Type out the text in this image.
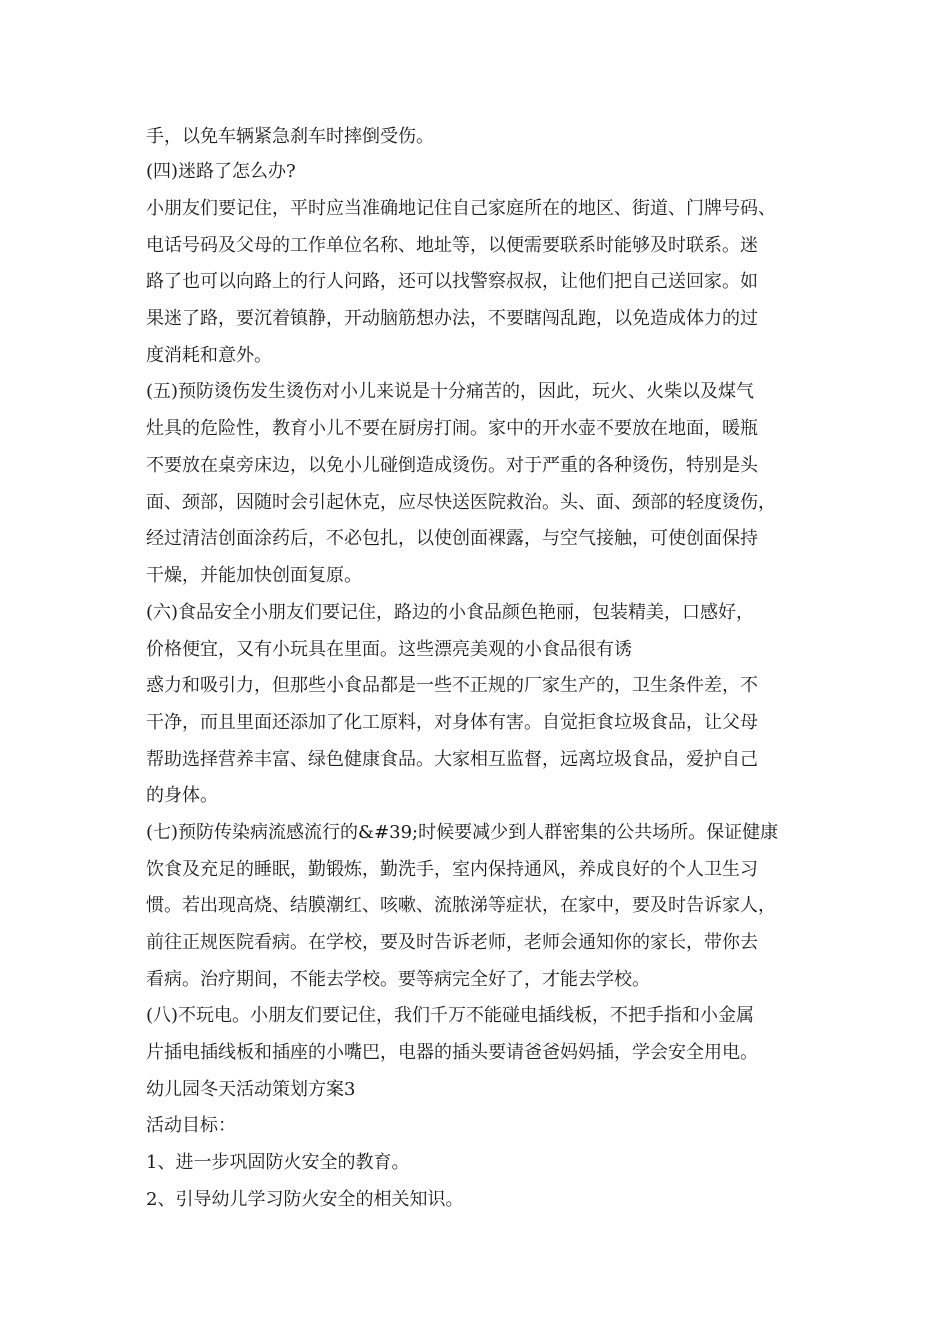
手，以免车辆紧急刹车时摔倒受伤。

(四)迷路了怎么办?

小朋友们要记住，平时应当准确地记住自己家庭所在的地区、街道、门牌号码、

电话号码及父母的工作单位名称、地址等，以便需要联系时能够及时联系。迷

路了也可以向路上的行人问路，还可以找警察叔叔，让他们把自己送回家。如

果迷了路，要沉着镇静，开动脑筋想办法，不要瞎闯乱跑，以免造成体力的过

度消耗和意外。

(五)预防烫伤发生烫伤对小儿来说是十分痛苦的，因此，玩火、火柴以及煤气

灶具的危险性，教育小儿不要在厨房打闹。家中的开水壶不要放在地面，暖瓶

不要放在桌旁床边，以免小儿碰倒造成烫伤。对于严重的各种烫伤，特别是头

面、颈部，因随时会引起休克，应尽快送医院救治。头、面、颈部的轻度烫伤，

经过清洁创面涂药后，不必包扎，以使创面裸露，与空气接触，可使创面保持

干燥，并能加快创面复原。

(六)食品安全小朋友们要记住，路边的小食品颜色艳丽，包装精美，口感好，

价格便宜，又有小玩具在里面。这些漂亮美观的小食品很有诱

惑力和吸引力，但那些小食品都是一些不正规的厂家生产的，卫生条件差，不

干净，而且里面还添加了化工原料，对身体有害。自觉拒食垃圾食品，让父母

帮助选择营养丰富、绿色健康食品。大家相互监督，远离垃圾食品，爱护自己

的身体。

(七)预防传染病流感流行的&#39;时候要减少到人群密集的公共场所。保证健康

饮食及充足的睡眠，勤锻炼，勤洗手，室内保持通风，养成良好的个人卫生习

惯。若出现高烧、结膜潮红、咳嗽、流脓涕等症状，在家中，要及时告诉家人，

前往正规医院看病。在学校，要及时告诉老师，老师会通知你的家长，带你去

看病。治疗期间，不能去学校。要等病完全好了，才能去学校。

(八)不玩电。小朋友们要记住，我们千万不能碰电插线板，不把手指和小金属

片插电插线板和插座的小嘴巴，电器的插头要请爸爸妈妈插，学会安全用电。

幼儿园冬天活动策划方案3

活动目标：

1、进一步巩固防火安全的教育。

2、引导幼儿学习防火安全的相关知识。
